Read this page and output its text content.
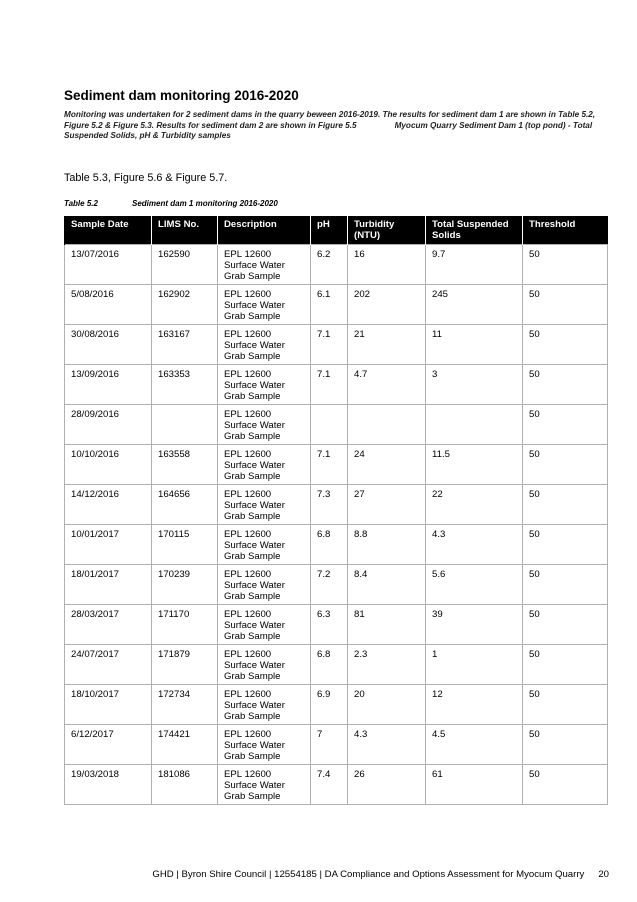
Sediment dam monitoring 2016-2020
Monitoring was undertaken for 2 sediment dams in the quarry beween 2016-2019. The results for sediment dam 1 are shown in Table 5.2, Figure 5.2 & Figure 5.3. Results for sediment dam 2 are shown in Figure 5.5	Myocum Quarry Sediment Dam 1 (top pond) - Total Suspended Solids, pH & Turbidity samples
Table 5.3, Figure 5.6 & Figure 5.7.
Table 5.2	Sediment dam 1 monitoring 2016-2020
Sample Date	LIMS No.	Description	pH	Turbidity (NTU)	Total Suspended Solids	Threshold
13/07/2016	162590	EPL 12600 Surface Water Grab Sample	6.2	16	9.7	50
5/08/2016	162902	EPL 12600 Surface Water Grab Sample	6.1	202	245	50
30/08/2016	163167	EPL 12600 Surface Water Grab Sample	7.1	21	11	50
13/09/2016	163353	EPL 12600 Surface Water Grab Sample	7.1	4.7	3	50
28/09/2016		EPL 12600 Surface Water Grab Sample				50
10/10/2016	163558	EPL 12600 Surface Water Grab Sample	7.1	24	11.5	50
14/12/2016	164656	EPL 12600 Surface Water Grab Sample	7.3	27	22	50
10/01/2017	170115	EPL 12600 Surface Water Grab Sample	6.8	8.8	4.3	50
18/01/2017	170239	EPL 12600 Surface Water Grab Sample	7.2	8.4	5.6	50
28/03/2017	171170	EPL 12600 Surface Water Grab Sample	6.3	81	39	50
24/07/2017	171879	EPL 12600 Surface Water Grab Sample	6.8	2.3	1	50
18/10/2017	172734	EPL 12600 Surface Water Grab Sample	6.9	20	12	50
6/12/2017	174421	EPL 12600 Surface Water Grab Sample	7	4.3	4.5	50
19/03/2018	181086	EPL 12600 Surface Water Grab Sample	7.4	26	61	50
GHD | Byron Shire Council | 12554185 | DA Compliance and Options Assessment for Myocum Quarry 20
